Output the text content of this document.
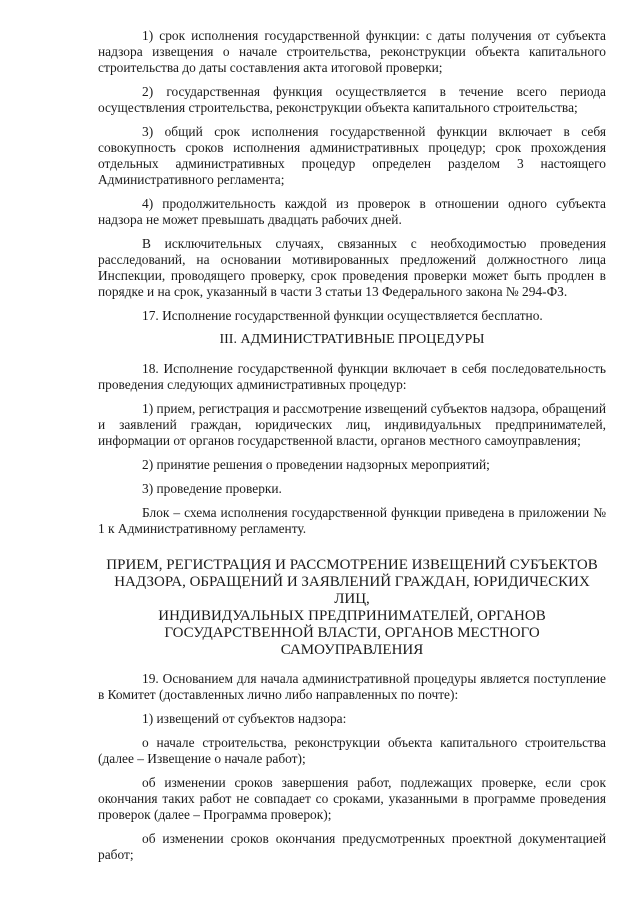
1) срок исполнения государственной функции: с даты получения от субъекта надзора извещения о начале строительства, реконструкции объекта капитального строительства до даты составления акта итоговой проверки;

2) государственная функция осуществляется в течение всего периода осуществления строительства, реконструкции объекта капитального строительства;

3) общий срок исполнения государственной функции включает в себя совокупность сроков исполнения административных процедур; срок прохождения отдельных административных процедур определен разделом 3 настоящего Административного регламента;

4) продолжительность каждой из проверок в отношении одного субъекта надзора не может превышать двадцать рабочих дней.

В исключительных случаях, связанных с необходимостью проведения расследований, на основании мотивированных предложений должностного лица Инспекции, проводящего проверку, срок проведения проверки может быть продлен в порядке и на срок, указанный в части 3 статьи 13 Федерального закона № 294-ФЗ.

17. Исполнение государственной функции осуществляется бесплатно.

III. АДМИНИСТРАТИВНЫЕ ПРОЦЕДУРЫ

18. Исполнение государственной функции включает в себя последовательность проведения следующих административных процедур:

1) прием, регистрация и рассмотрение извещений субъектов надзора, обращений и заявлений граждан, юридических лиц, индивидуальных предпринимателей, информации от органов государственной власти, органов местного самоуправления;

2) принятие решения о проведении надзорных мероприятий;

3) проведение проверки.

Блок – схема исполнения государственной функции приведена в приложении № 1 к Административному регламенту.

ПРИЕМ, РЕГИСТРАЦИЯ И РАССМОТРЕНИЕ ИЗВЕЩЕНИЙ СУБЪЕКТОВ
НАДЗОРА, ОБРАЩЕНИЙ И ЗАЯВЛЕНИЙ ГРАЖДАН, ЮРИДИЧЕСКИХ ЛИЦ,
ИНДИВИДУАЛЬНЫХ ПРЕДПРИНИМАТЕЛЕЙ, ОРГАНОВ
ГОСУДАРСТВЕННОЙ ВЛАСТИ, ОРГАНОВ МЕСТНОГО САМОУПРАВЛЕНИЯ

19. Основанием для начала административной процедуры является поступление в Комитет (доставленных лично либо направленных по почте):

1) извещений от субъектов надзора:

о начале строительства, реконструкции объекта капитального строительства (далее – Извещение о начале работ);

об изменении сроков завершения работ, подлежащих проверке, если срок окончания таких работ не совпадает со сроками, указанными в программе проведения проверок (далее – Программа проверок);

об изменении сроков окончания предусмотренных проектной документацией работ;
